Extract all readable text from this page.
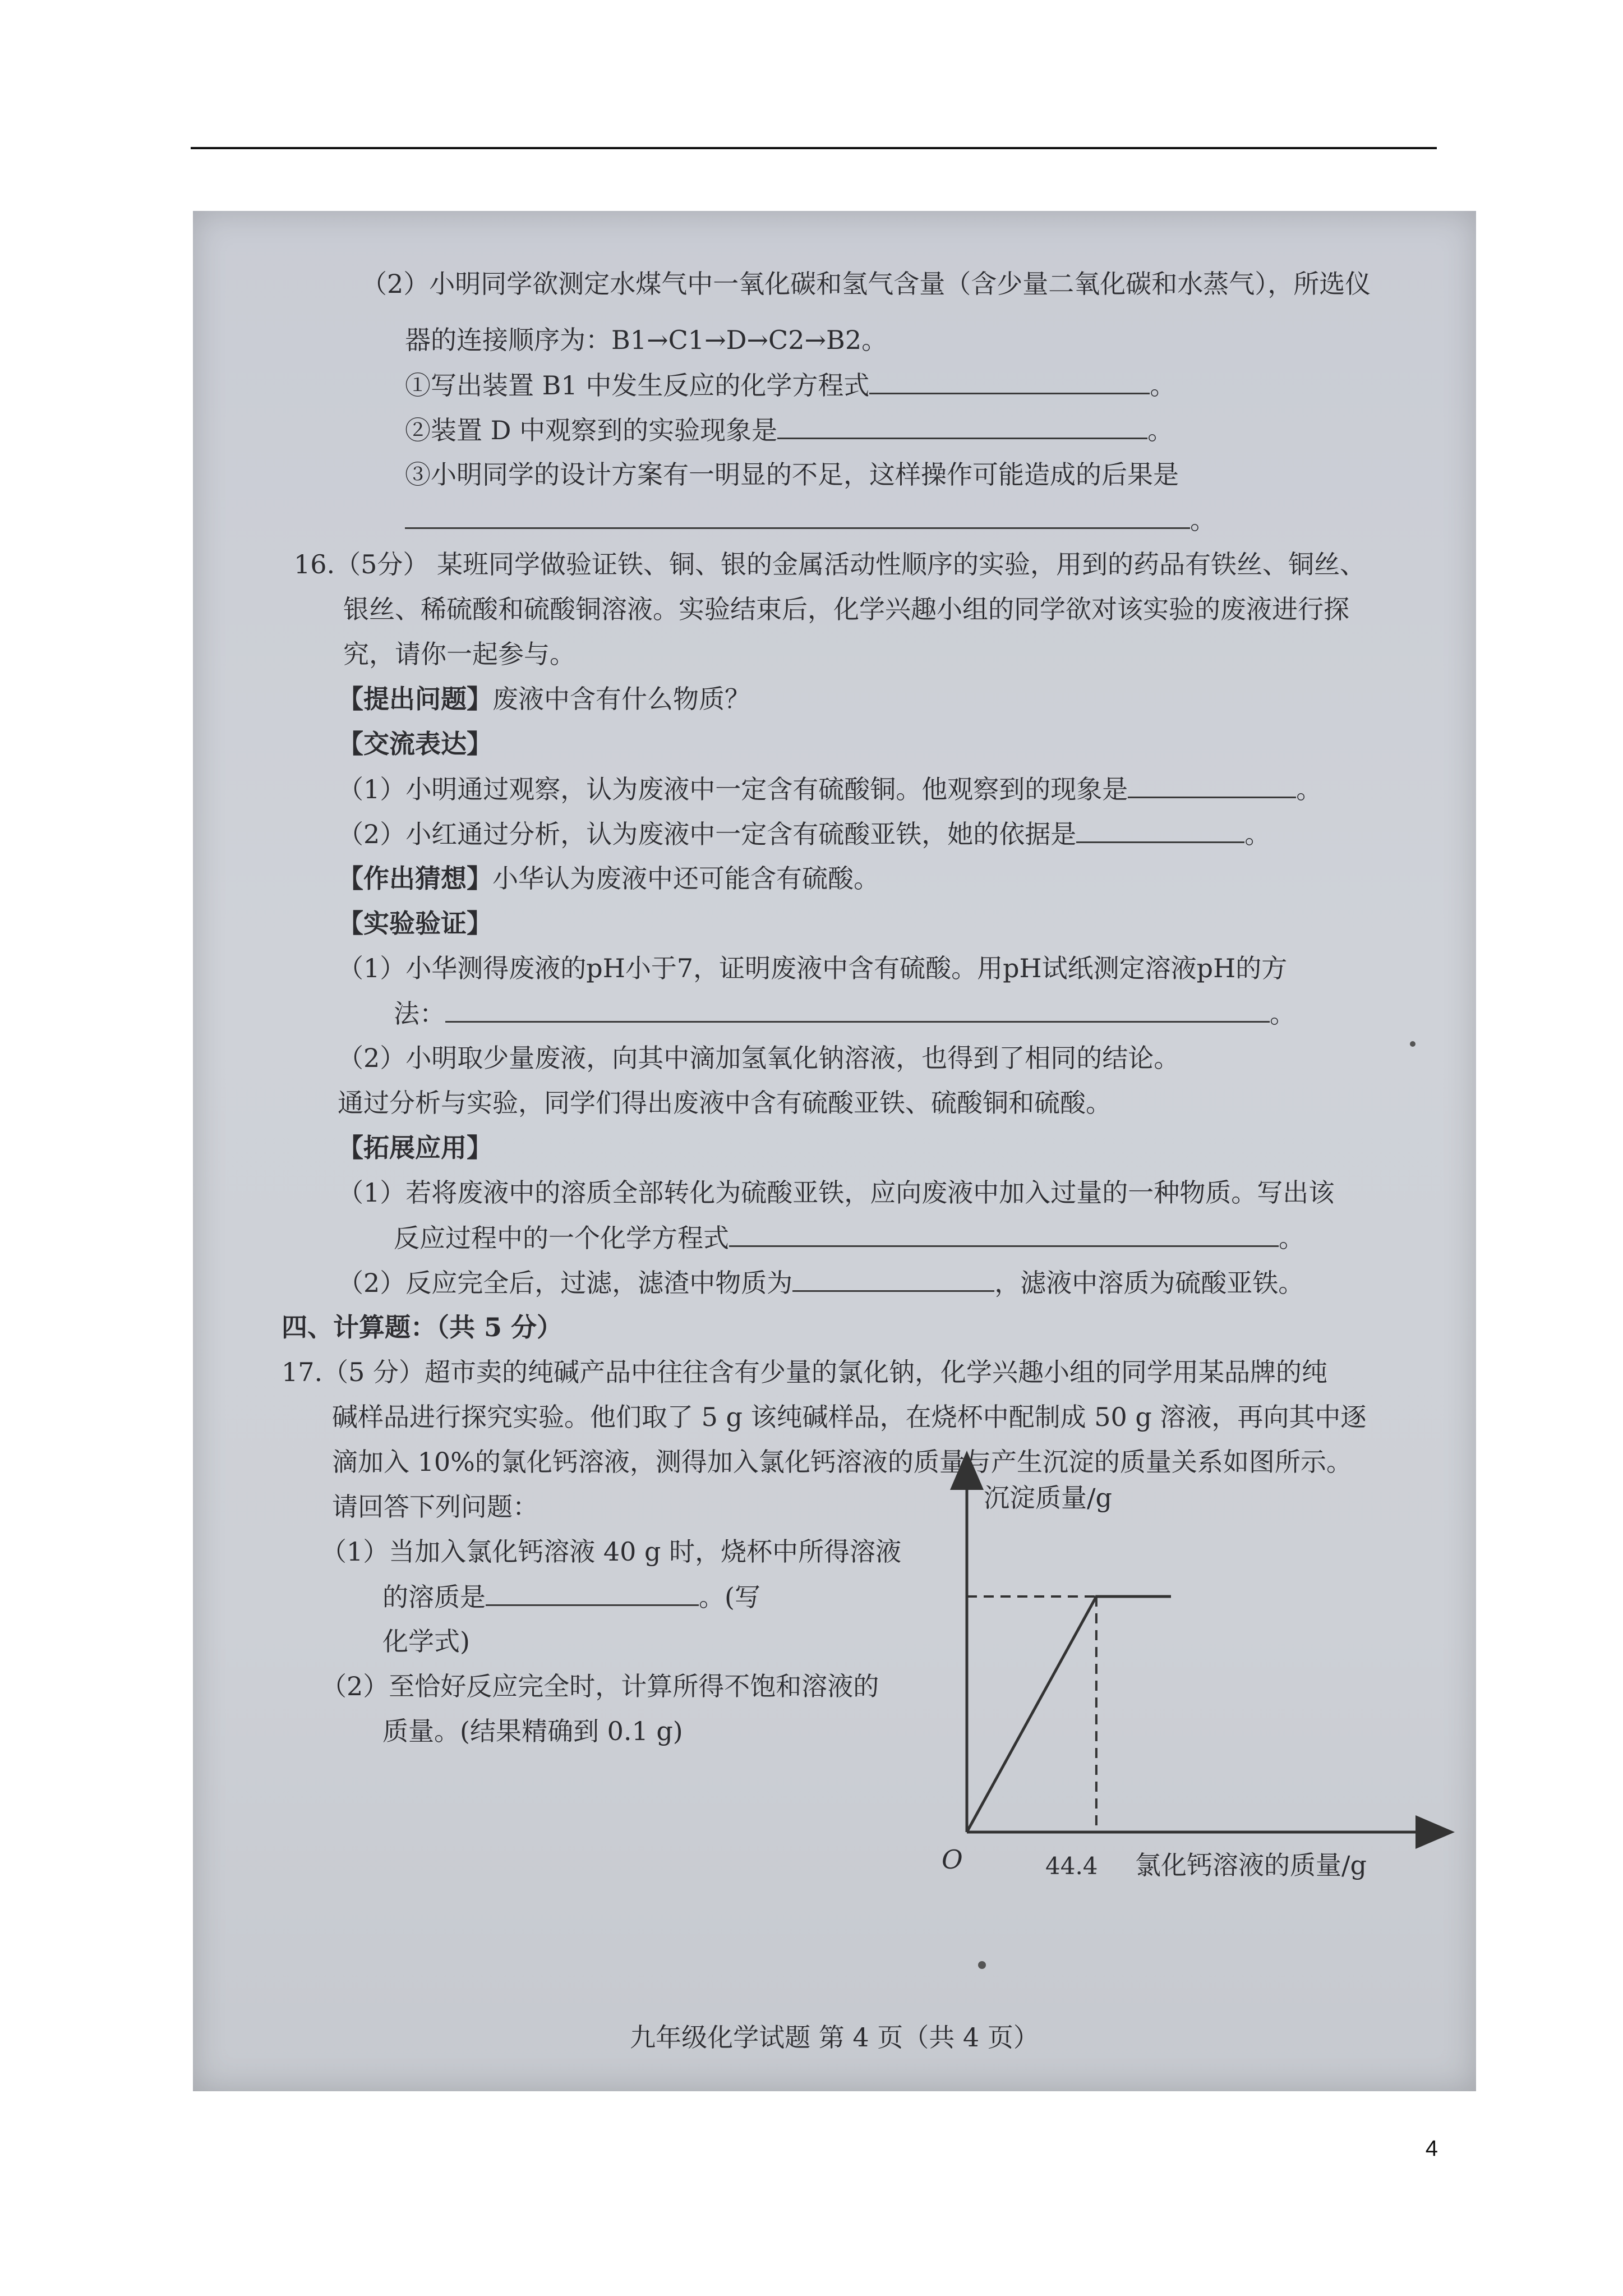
（2）小明同学欲测定水煤气中一氧化碳和氢气含量（含少量二氧化碳和水蒸气），所选仪
器的连接顺序为：B1→C1→D→C2→B2。
①写出装置 B1 中发生反应的化学方程式	。
②装置 D 中观察到的实验现象是	。
③小明同学的设计方案有一明显的不足，这样操作可能造成的后果是
。
16.（5分） 某班同学做验证铁、铜、银的金属活动性顺序的实验，用到的药品有铁丝、铜丝、
银丝、稀硫酸和硫酸铜溶液。实验结束后，化学兴趣小组的同学欲对该实验的废液进行探
究，请你一起参与。
【提出问题】废液中含有什么物质？
【交流表达】
（1）小明通过观察，认为废液中一定含有硫酸铜。他观察到的现象是	。
（2）小红通过分析，认为废液中一定含有硫酸亚铁，她的依据是	。
【作出猜想】小华认为废液中还可能含有硫酸。
【实验验证】
（1）小华测得废液的pH小于7，证明废液中含有硫酸。用pH试纸测定溶液pH的方
法：	。
（2）小明取少量废液，向其中滴加氢氧化钠溶液，也得到了相同的结论。
通过分析与实验，同学们得出废液中含有硫酸亚铁、硫酸铜和硫酸。
【拓展应用】
（1）若将废液中的溶质全部转化为硫酸亚铁，应向废液中加入过量的一种物质。写出该
反应过程中的一个化学方程式	。
（2）反应完全后，过滤，滤渣中物质为	，滤液中溶质为硫酸亚铁。
四、计算题：（共 5 分）
17.（5 分）超市卖的纯碱产品中往往含有少量的氯化钠，化学兴趣小组的同学用某品牌的纯
碱样品进行探究实验。他们取了 5 g 该纯碱样品，在烧杯中配制成 50 g 溶液，再向其中逐
滴加入 10%的氯化钙溶液，测得加入氯化钙溶液的质量与产生沉淀的质量关系如图所示。
请回答下列问题：
（1）当加入氯化钙溶液 40 g 时，烧杯中所得溶液
的溶质是	。(写
化学式)
（2）至恰好反应完全时，计算所得不饱和溶液的
质量。(结果精确到 0.1 g)
沉淀质量/g
O	44.4 氯化钙溶液的质量/g
九年级化学试题 第 4 页（共 4 页）
4
